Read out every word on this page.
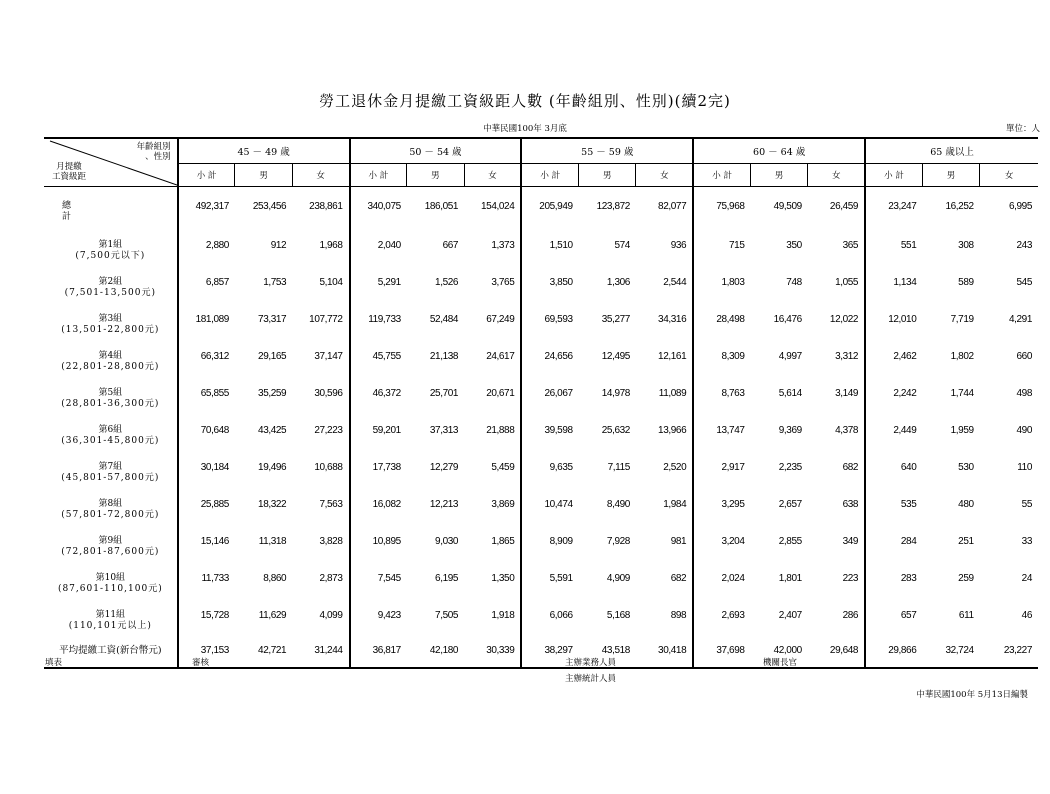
勞工退休金月提繳工資級距人數 (年齡組別、性別)(續2完)
中華民國100年 3月底	單位：人
年齡組別
、性別
月提繳
工資級距	45 － 49 歲			50 － 54 歲			55 － 59 歲			60 － 64 歲			65 歲以上		
	小 計	男	女	小 計	男	女	小 計	男	女	小 計	男	女	小 計	男	女

總 計	492,317	253,456	238,861	340,075	186,051	154,024	205,949	123,872	82,077	75,968	49,509	26,459	23,247	16,252	6,995

第1組
(7,500元以下)	2,880	912	1,968	2,040	667	1,373	1,510	574	936	715	350	365	551	308	243

第2組
(7,501-13,500元)	6,857	1,753	5,104	5,291	1,526	3,765	3,850	1,306	2,544	1,803	748	1,055	1,134	589	545

第3組
(13,501-22,800元)	181,089	73,317	107,772	119,733	52,484	67,249	69,593	35,277	34,316	28,498	16,476	12,022	12,010	7,719	4,291

第4組
(22,801-28,800元)	66,312	29,165	37,147	45,755	21,138	24,617	24,656	12,495	12,161	8,309	4,997	3,312	2,462	1,802	660

第5組
(28,801-36,300元)	65,855	35,259	30,596	46,372	25,701	20,671	26,067	14,978	11,089	8,763	5,614	3,149	2,242	1,744	498

第6組
(36,301-45,800元)	70,648	43,425	27,223	59,201	37,313	21,888	39,598	25,632	13,966	13,747	9,369	4,378	2,449	1,959	490

第7組
(45,801-57,800元)	30,184	19,496	10,688	17,738	12,279	5,459	9,635	7,115	2,520	2,917	2,235	682	640	530	110

第8組
(57,801-72,800元)	25,885	18,322	7,563	16,082	12,213	3,869	10,474	8,490	1,984	3,295	2,657	638	535	480	55

第9組
(72,801-87,600元)	15,146	11,318	3,828	10,895	9,030	1,865	8,909	7,928	981	3,204	2,855	349	284	251	33

第10組
(87,601-110,100元)	11,733	8,860	2,873	7,545	6,195	1,350	5,591	4,909	682	2,024	1,801	223	283	259	24

第11組
(110,101元以上)	15,728	11,629	4,099	9,423	7,505	1,918	6,066	5,168	898	2,693	2,407	286	657	611	46

平均提繳工資(新台幣元)	37,153	42,721	31,244	36,817	42,180	30,339	38,297	43,518	30,418	37,698	42,000	29,648	29,866	32,724	23,227
填表	審核	主辦業務人員
主辦統計人員
機關長官
中華民國100年 5月13日編製
